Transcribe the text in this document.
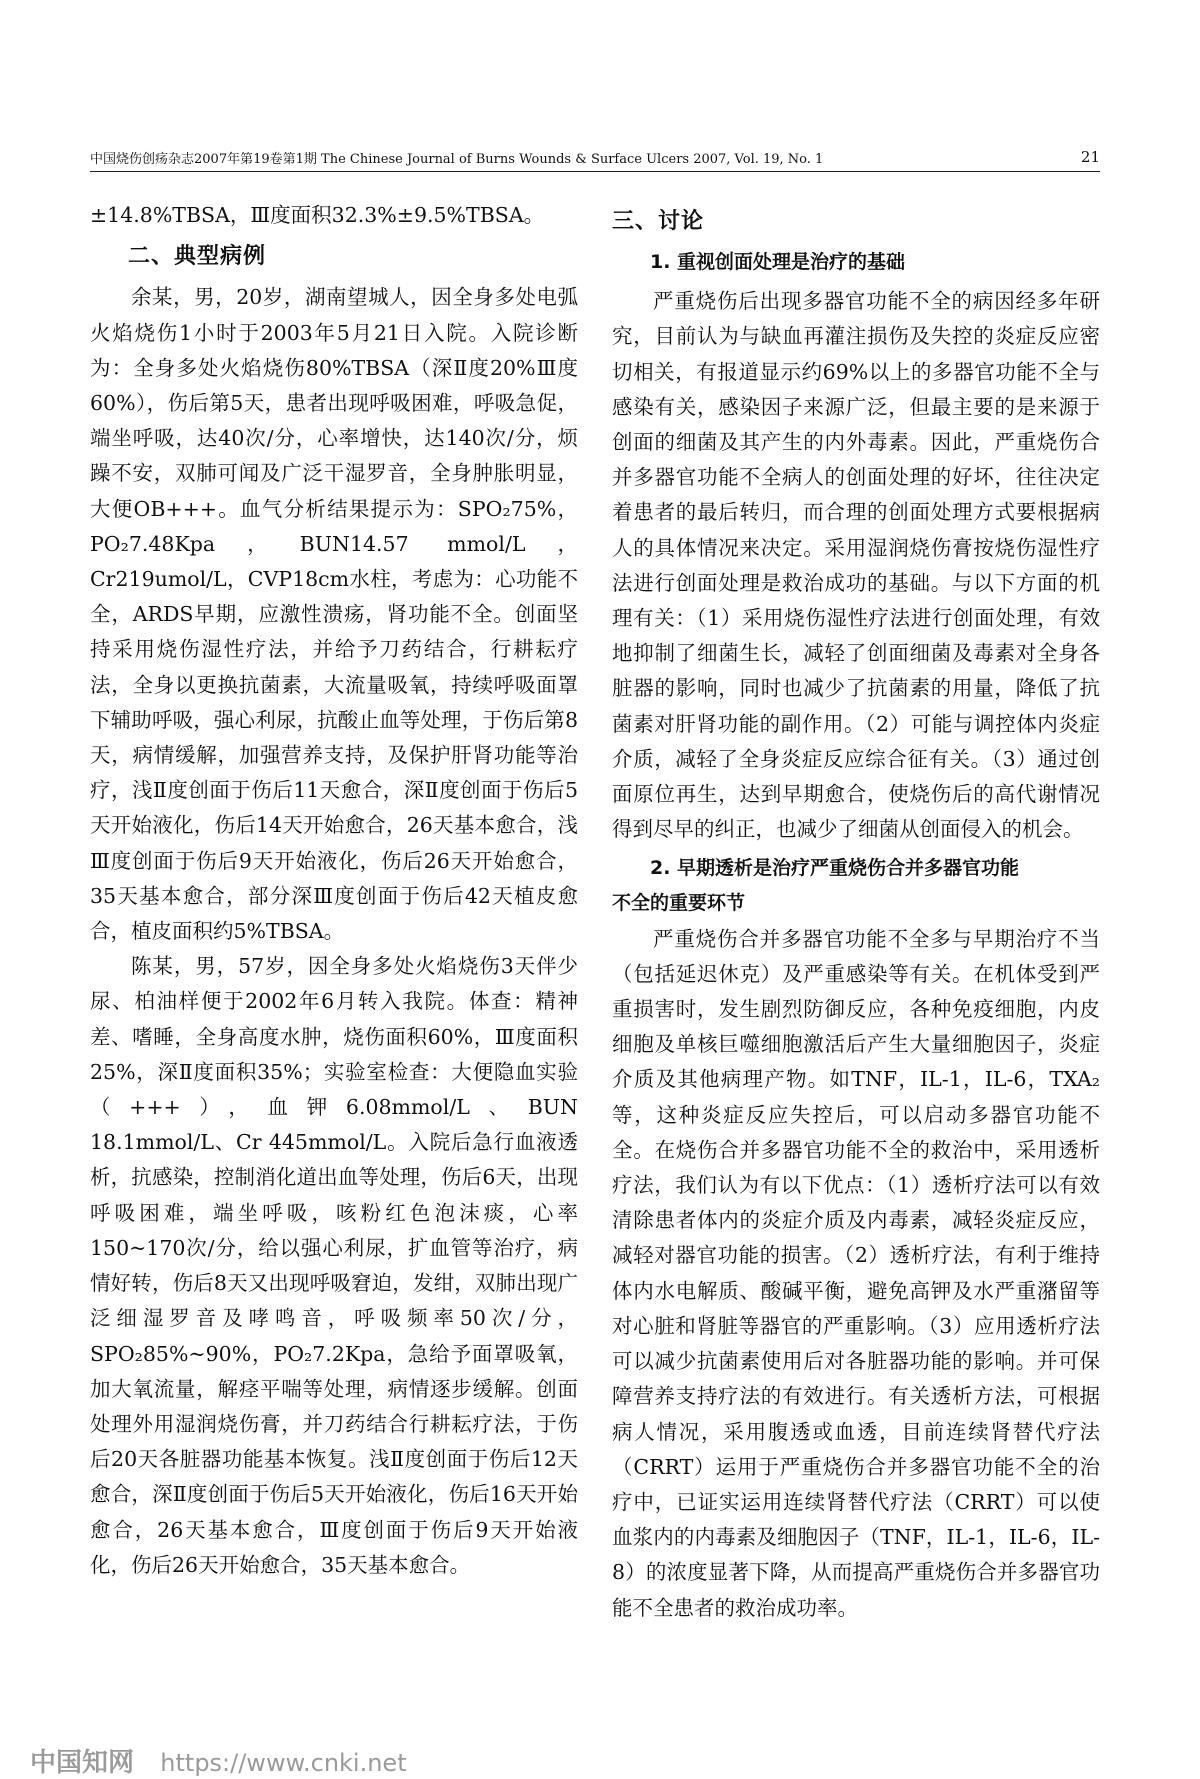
中国烧伤创疡杂志2007年第19卷第1期 The Chinese Journal of Burns Wounds & Surface Ulcers 2007, Vol. 19, No. 1	21

±14.8%TBSA，Ⅲ度面积32.3%±9.5%TBSA。

二、典型病例

余某，男，20岁，湖南望城人，因全身多处电弧火焰烧伤1小时于2003年5月21日入院。入院诊断为：全身多处火焰烧伤80%TBSA（深Ⅱ度20%Ⅲ度60%），伤后第5天，患者出现呼吸困难，呼吸急促，端坐呼吸，达40次/分，心率增快，达140次/分，烦躁不安，双肺可闻及广泛干湿罗音，全身肿胀明显，大便OB+++。血气分析结果提示为：SPO₂75%，PO₂7.48Kpa，BUN14.57 mmol/L，Cr219umol/L，CVP18cm水柱，考虑为：心功能不全，ARDS早期，应激性溃疡，肾功能不全。创面坚持采用烧伤湿性疗法，并给予刀药结合，行耕耘疗法，全身以更换抗菌素，大流量吸氧，持续呼吸面罩下辅助呼吸，强心利尿，抗酸止血等处理，于伤后第8天，病情缓解，加强营养支持，及保护肝肾功能等治疗，浅Ⅱ度创面于伤后11天愈合，深Ⅱ度创面于伤后5天开始液化，伤后14天开始愈合，26天基本愈合，浅Ⅲ度创面于伤后9天开始液化，伤后26天开始愈合，35天基本愈合，部分深Ⅲ度创面于伤后42天植皮愈合，植皮面积约5%TBSA。

陈某，男，57岁，因全身多处火焰烧伤3天伴少尿、柏油样便于2002年6月转入我院。体查：精神差、嗜睡，全身高度水肿，烧伤面积60%，Ⅲ度面积25%，深Ⅱ度面积35%；实验室检查：大便隐血实验（+++），血钾6.08mmol/L、BUN 18.1mmol/L、Cr 445mmol/L。入院后急行血液透析，抗感染，控制消化道出血等处理，伤后6天，出现呼吸困难，端坐呼吸，咳粉红色泡沫痰，心率150~170次/分，给以强心利尿，扩血管等治疗，病情好转，伤后8天又出现呼吸窘迫，发绀，双肺出现广泛细湿罗音及哮鸣音，呼吸频率50次/分，SPO₂85%~90%，PO₂7.2Kpa，急给予面罩吸氧，加大氧流量，解痉平喘等处理，病情逐步缓解。创面处理外用湿润烧伤膏，并刀药结合行耕耘疗法，于伤后20天各脏器功能基本恢复。浅Ⅱ度创面于伤后12天愈合，深Ⅱ度创面于伤后5天开始液化，伤后16天开始愈合，26天基本愈合，Ⅲ度创面于伤后9天开始液化，伤后26天开始愈合，35天基本愈合。

三、讨论
1. 重视创面处理是治疗的基础

严重烧伤后出现多器官功能不全的病因经多年研究，目前认为与缺血再灌注损伤及失控的炎症反应密切相关，有报道显示约69%以上的多器官功能不全与感染有关，感染因子来源广泛，但最主要的是来源于创面的细菌及其产生的内外毒素。因此，严重烧伤合并多器官功能不全病人的创面处理的好坏，往往决定着患者的最后转归，而合理的创面处理方式要根据病人的具体情况来决定。采用湿润烧伤膏按烧伤湿性疗法进行创面处理是救治成功的基础。与以下方面的机理有关：（1）采用烧伤湿性疗法进行创面处理，有效地抑制了细菌生长，减轻了创面细菌及毒素对全身各脏器的影响，同时也减少了抗菌素的用量，降低了抗菌素对肝肾功能的副作用。（2）可能与调控体内炎症介质，减轻了全身炎症反应综合征有关。（3）通过创面原位再生，达到早期愈合，使烧伤后的高代谢情况得到尽早的纠正，也减少了细菌从创面侵入的机会。

2. 早期透析是治疗严重烧伤合并多器官功能

不全的重要环节

严重烧伤合并多器官功能不全多与早期治疗不当（包括延迟休克）及严重感染等有关。在机体受到严重损害时，发生剧烈防御反应，各种免疫细胞，内皮细胞及单核巨噬细胞激活后产生大量细胞因子，炎症介质及其他病理产物。如TNF，IL-1，IL-6，TXA₂等，这种炎症反应失控后，可以启动多器官功能不全。在烧伤合并多器官功能不全的救治中，采用透析疗法，我们认为有以下优点：（1）透析疗法可以有效清除患者体内的炎症介质及内毒素，减轻炎症反应，减轻对器官功能的损害。（2）透析疗法，有利于维持体内水电解质、酸碱平衡，避免高钾及水严重潴留等对心脏和肾脏等器官的严重影响。（3）应用透析疗法可以减少抗菌素使用后对各脏器功能的影响。并可保障营养支持疗法的有效进行。有关透析方法，可根据病人情况，采用腹透或血透，目前连续肾替代疗法（CRRT）运用于严重烧伤合并多器官功能不全的治疗中，已证实运用连续肾替代疗法（CRRT）可以使血浆内的内毒素及细胞因子（TNF，IL-1，IL-6，IL-8）的浓度显著下降，从而提高严重烧伤合并多器官功能不全患者的救治成功率。

中国知网 https://www.cnki.net
